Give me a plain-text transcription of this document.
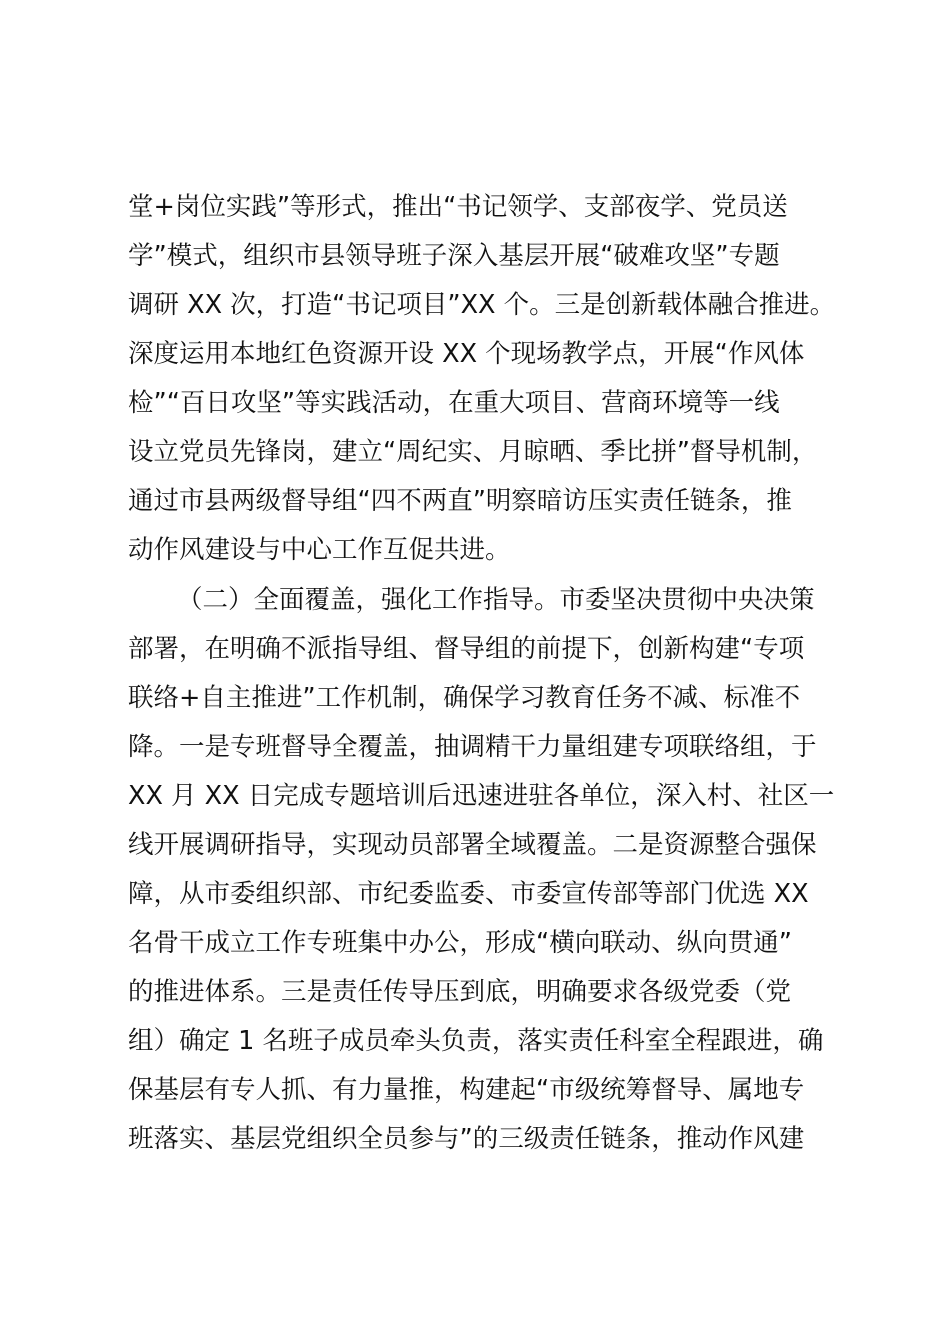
堂+岗位实践”等形式，推出“书记领学、支部夜学、党员送
学”模式，组织市县领导班子深入基层开展“破难攻坚”专题
调研 XX 次，打造“书记项目”XX 个。三是创新载体融合推进。
深度运用本地红色资源开设 XX 个现场教学点，开展“作风体
检”“百日攻坚”等实践活动，在重大项目、营商环境等一线
设立党员先锋岗，建立“周纪实、月晾晒、季比拼”督导机制，
通过市县两级督导组“四不两直”明察暗访压实责任链条，推
动作风建设与中心工作互促共进。
（二）全面覆盖，强化工作指导。市委坚决贯彻中央决策
部署，在明确不派指导组、督导组的前提下，创新构建“专项
联络+自主推进”工作机制，确保学习教育任务不减、标准不
降。一是专班督导全覆盖，抽调精干力量组建专项联络组，于
XX 月 XX 日完成专题培训后迅速进驻各单位，深入村、社区一
线开展调研指导，实现动员部署全域覆盖。二是资源整合强保
障，从市委组织部、市纪委监委、市委宣传部等部门优选 XX
名骨干成立工作专班集中办公，形成“横向联动、纵向贯通”
的推进体系。三是责任传导压到底，明确要求各级党委（党
组）确定 1 名班子成员牵头负责，落实责任科室全程跟进，确
保基层有专人抓、有力量推，构建起“市级统筹督导、属地专
班落实、基层党组织全员参与”的三级责任链条，推动作风建
